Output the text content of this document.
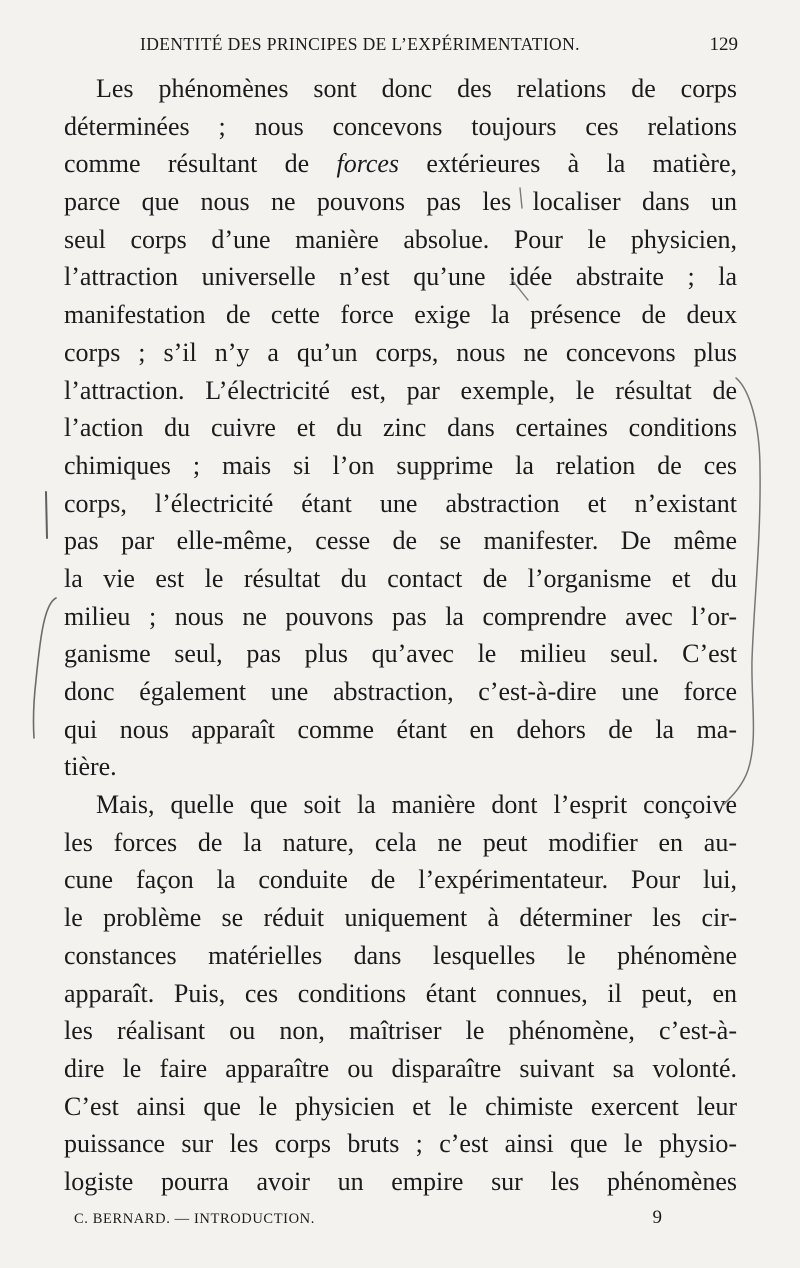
IDENTITÉ DES PRINCIPES DE L’EXPÉRIMENTATION.	129
Les phénomènes sont donc des relations de corps
déterminées ; nous concevons toujours ces relations
comme résultant de forces extérieures à la matière,
parce que nous ne pouvons pas les localiser dans un
seul corps d’une manière absolue. Pour le physicien,
l’attraction universelle n’est qu’une idée abstraite ; la
manifestation de cette force exige la présence de deux
corps ; s’il n’y a qu’un corps, nous ne concevons plus
l’attraction. L’électricité est, par exemple, le résultat de
l’action du cuivre et du zinc dans certaines conditions
chimiques ; mais si l’on supprime la relation de ces
corps, l’électricité étant une abstraction et n’existant
pas par elle-même, cesse de se manifester. De même
la vie est le résultat du contact de l’organisme et du
milieu ; nous ne pouvons pas la comprendre avec l’or-
ganisme seul, pas plus qu’avec le milieu seul. C’est
donc également une abstraction, c’est-à-dire une force
qui nous apparaît comme étant en dehors de la ma-
tière.
Mais, quelle que soit la manière dont l’esprit conçoive
les forces de la nature, cela ne peut modifier en au-
cune façon la conduite de l’expérimentateur. Pour lui,
le problème se réduit uniquement à déterminer les cir-
constances matérielles dans lesquelles le phénomène
apparaît. Puis, ces conditions étant connues, il peut, en
les réalisant ou non, maîtriser le phénomène, c’est-à-
dire le faire apparaître ou disparaître suivant sa volonté.
C’est ainsi que le physicien et le chimiste exercent leur
puissance sur les corps bruts ; c’est ainsi que le physio-
logiste pourra avoir un empire sur les phénomènes
C. BERNARD. — INTRODUCTION.	9
